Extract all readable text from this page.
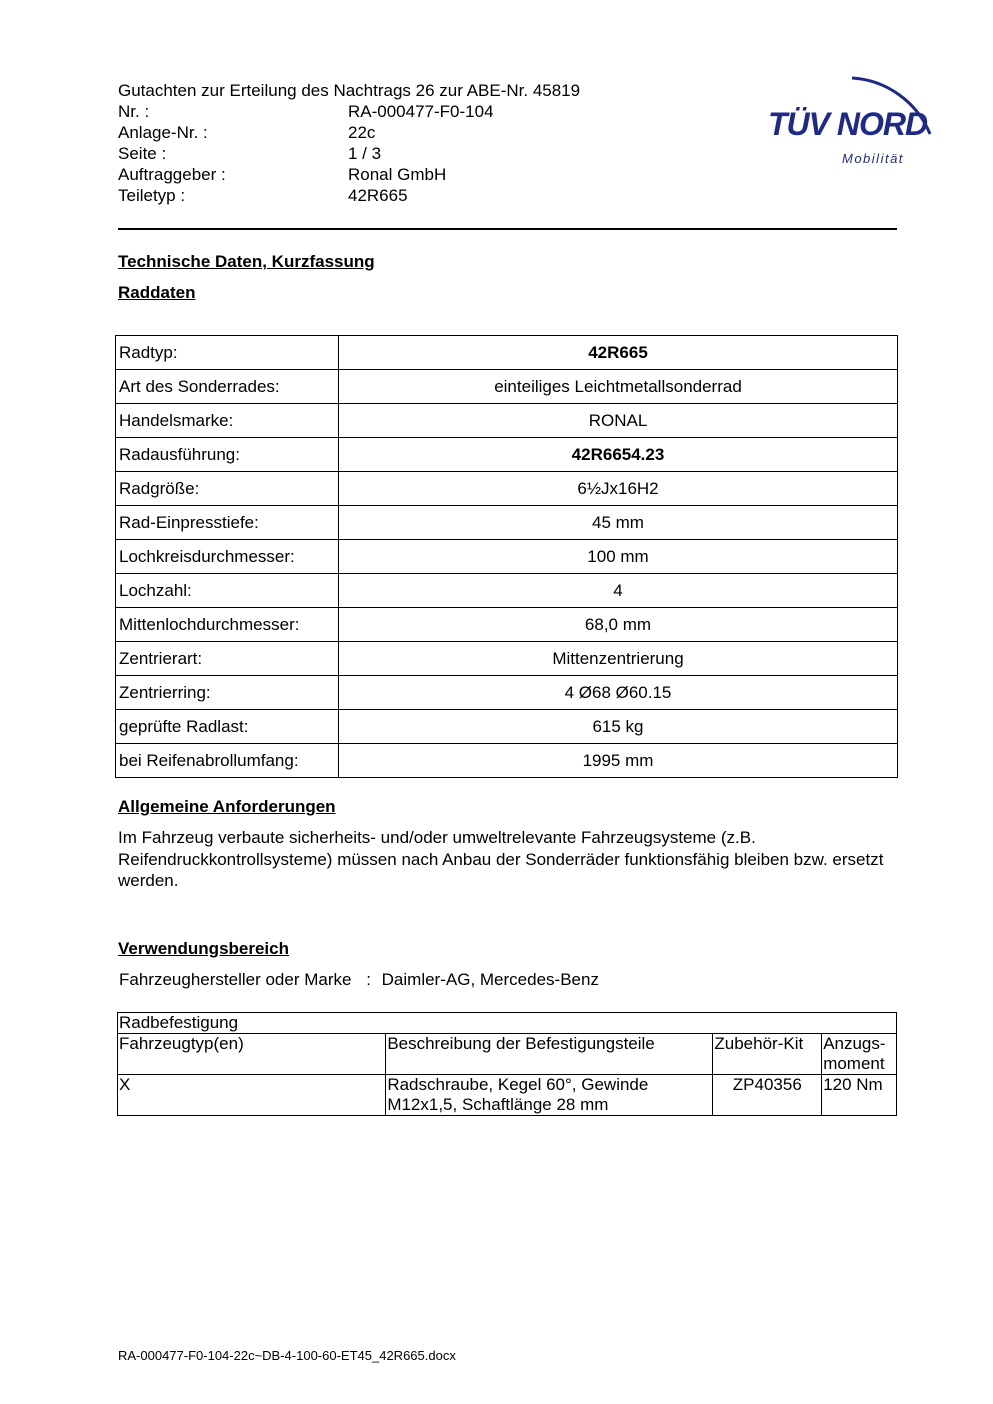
Gutachten zur Erteilung des Nachtrags 26 zur ABE-Nr. 45819
Nr. :	RA-000477-F0-104
Anlage-Nr. :	22c
Seite :	1 / 3
Auftraggeber :	Ronal GmbH
Teiletyp :	42R665
TÜV NORD
Mobilität
Technische Daten, Kurzfassung
Raddaten
Radtyp:	42R665
Art des Sonderrades:	einteiliges Leichtmetallsonderrad
Handelsmarke:	RONAL
Radausführung:	42R6654.23
Radgröße:	6½Jx16H2
Rad-Einpresstiefe:	45 mm
Lochkreisdurchmesser:	100 mm
Lochzahl:	4
Mittenlochdurchmesser:	68,0 mm
Zentrierart:	Mittenzentrierung
Zentrierring:	4 Ø68 Ø60.15
geprüfte Radlast:	615 kg
bei Reifenabrollumfang:	1995 mm
Allgemeine Anforderungen
Im Fahrzeug verbaute sicherheits- und/oder umweltrelevante Fahrzeugsysteme (z.B. Reifendruckkontrollsysteme) müssen nach Anbau der Sonderräder funktionsfähig bleiben bzw. ersetzt werden.
Verwendungsbereich
Fahrzeughersteller oder Marke : Daimler-AG, Mercedes-Benz
Radbefestigung			
Fahrzeugtyp(en)	Beschreibung der Befestigungsteile	Zubehör-Kit	Anzugs-moment
X	Radschraube, Kegel 60°, Gewinde M12x1,5, Schaftlänge 28 mm	ZP40356	120 Nm
RA-000477-F0-104-22c~DB-4-100-60-ET45_42R665.docx
